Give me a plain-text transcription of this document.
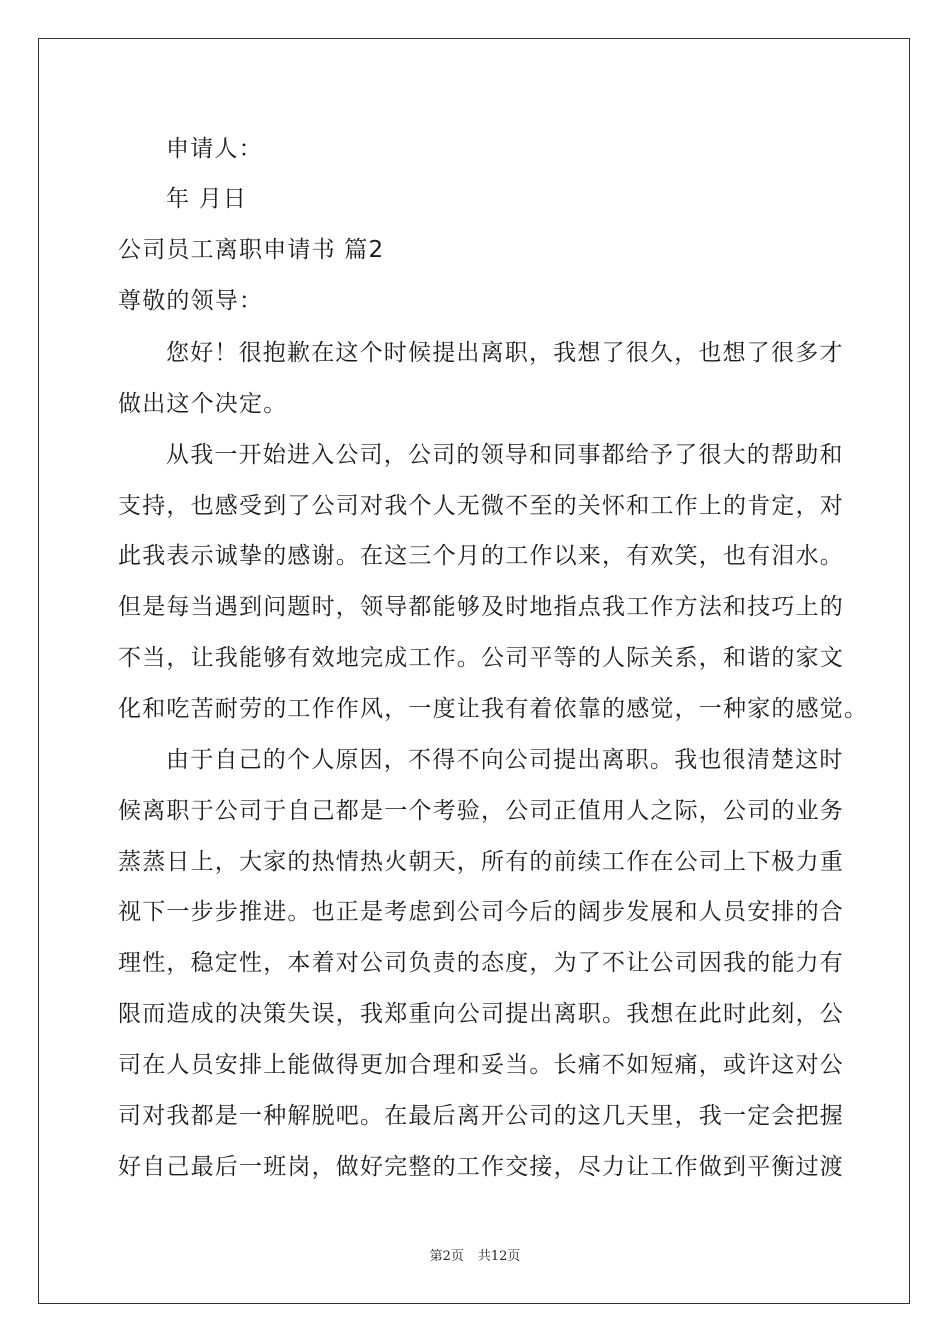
申请人：
年 月日
公司员工离职申请书 篇2
尊敬的领导：
您好！很抱歉在这个时候提出离职，我想了很久，也想了很多才
做出这个决定。
从我一开始进入公司，公司的领导和同事都给予了很大的帮助和
支持，也感受到了公司对我个人无微不至的关怀和工作上的肯定，对
此我表示诚挚的感谢。在这三个月的工作以来，有欢笑，也有泪水。
但是每当遇到问题时，领导都能够及时地指点我工作方法和技巧上的
不当，让我能够有效地完成工作。公司平等的人际关系，和谐的家文
化和吃苦耐劳的工作作风，一度让我有着依靠的感觉，一种家的感觉。
由于自己的个人原因，不得不向公司提出离职。我也很清楚这时
候离职于公司于自己都是一个考验，公司正值用人之际，公司的业务
蒸蒸日上，大家的热情热火朝天，所有的前续工作在公司上下极力重
视下一步步推进。也正是考虑到公司今后的阔步发展和人员安排的合
理性，稳定性，本着对公司负责的态度，为了不让公司因我的能力有
限而造成的决策失误，我郑重向公司提出离职。我想在此时此刻，公
司在人员安排上能做得更加合理和妥当。长痛不如短痛，或许这对公
司对我都是一种解脱吧。在最后离开公司的这几天里，我一定会把握
好自己最后一班岗，做好完整的工作交接，尽力让工作做到平衡过渡
第2页 共12页
